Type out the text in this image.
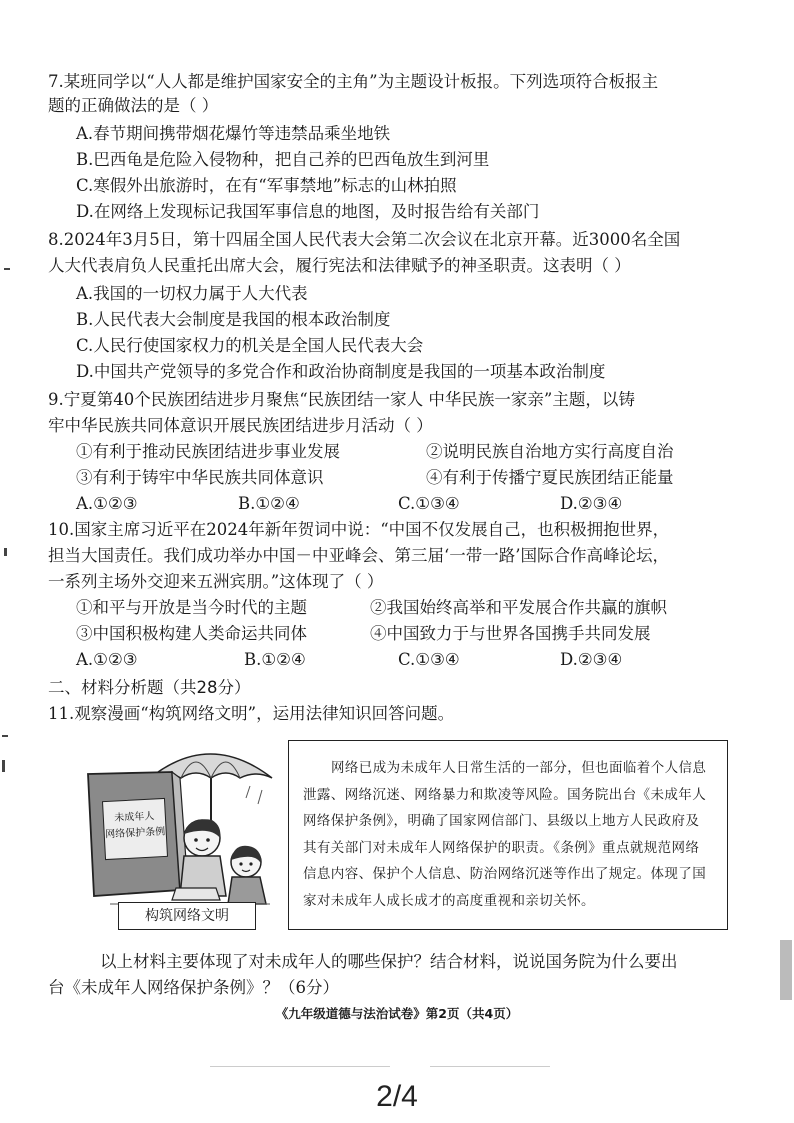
7.某班同学以“人人都是维护国家安全的主角”为主题设计板报。下列选项符合板报主
题的正确做法的是（ ）
A.春节期间携带烟花爆竹等违禁品乘坐地铁
B.巴西龟是危险入侵物种，把自己养的巴西龟放生到河里
C.寒假外出旅游时，在有“军事禁地”标志的山林拍照
D.在网络上发现标记我国军事信息的地图，及时报告给有关部门
8.2024年3月5日，第十四届全国人民代表大会第二次会议在北京开幕。近3000名全国
人大代表肩负人民重托出席大会，履行宪法和法律赋予的神圣职责。这表明（ ）
A.我国的一切权力属于人大代表
B.人民代表大会制度是我国的根本政治制度
C.人民行使国家权力的机关是全国人民代表大会
D.中国共产党领导的多党合作和政治协商制度是我国的一项基本政治制度
9.宁夏第40个民族团结进步月聚焦“民族团结一家人 中华民族一家亲”主题，以铸
牢中华民族共同体意识开展民族团结进步月活动（ ）
①有利于推动民族团结进步事业发展	②说明民族自治地方实行高度自治
③有利于铸牢中华民族共同体意识	④有利于传播宁夏民族团结正能量
A.①②③	B.①②④	C.①③④	D.②③④
10.国家主席习近平在2024年新年贺词中说：“中国不仅发展自己，也积极拥抱世界，
担当大国责任。我们成功举办中国－中亚峰会、第三届‘一带一路’国际合作高峰论坛，
一系列主场外交迎来五洲宾朋。”这体现了（ ）
①和平与开放是当今时代的主题	②我国始终高举和平发展合作共赢的旗帜
③中国积极构建人类命运共同体	④中国致力于与世界各国携手共同发展
A.①②③	B.①②④	C.①③④	D.②③④
二、材料分析题（共28分）
11.观察漫画“构筑网络文明”，运用法律知识回答问题。
未成年人
网络保护条例
构筑网络文明
网络已成为未成年人日常生活的一部分，但也面临着个人信息泄露、网络沉迷、网络暴力和欺凌等风险。国务院出台《未成年人网络保护条例》，明确了国家网信部门、县级以上地方人民政府及其有关部门对未成年人网络保护的职责。《条例》重点就规范网络信息内容、保护个人信息、防治网络沉迷等作出了规定。体现了国家对未成年人成长成才的高度重视和亲切关怀。
以上材料主要体现了对未成年人的哪些保护？结合材料，说说国务院为什么要出
台《未成年人网络保护条例》？（6分）
《九年级道德与法治试卷》第2页（共4页）
2/4
